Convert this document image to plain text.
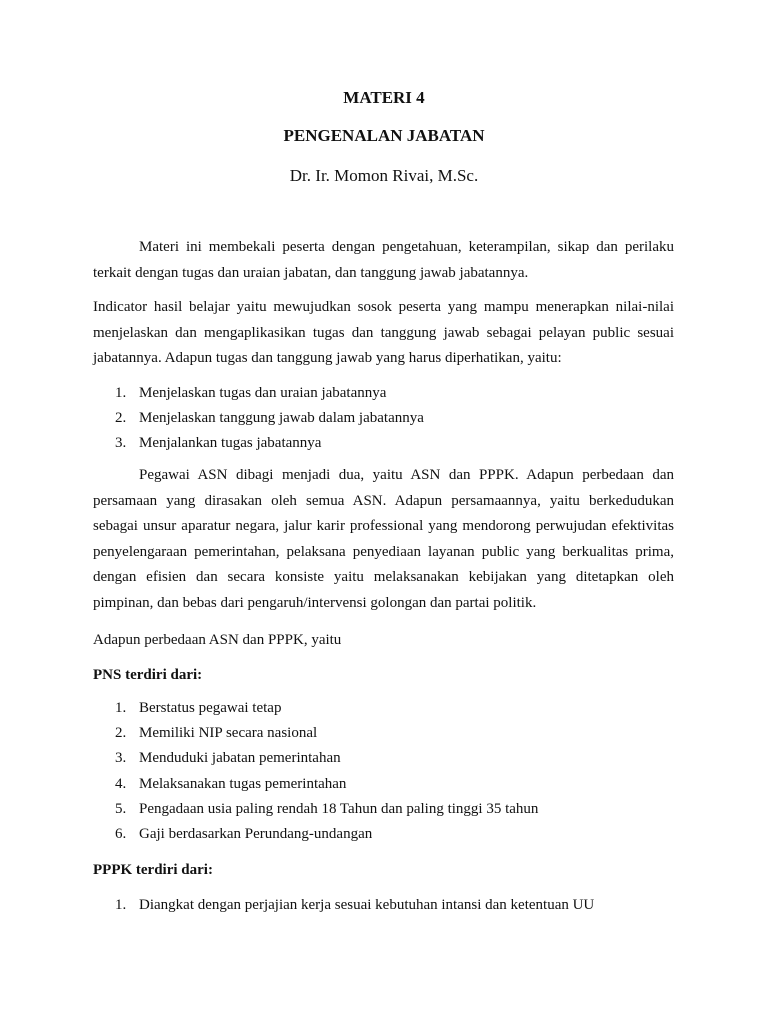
MATERI 4
PENGENALAN JABATAN
Dr. Ir. Momon Rivai, M.Sc.
Materi ini membekali peserta dengan pengetahuan, keterampilan, sikap dan perilaku terkait dengan tugas dan uraian jabatan, dan tanggung jawab jabatannya.
Indicator hasil belajar yaitu mewujudkan sosok peserta yang mampu menerapkan nilai-nilai menjelaskan dan mengaplikasikan tugas dan tanggung jawab sebagai pelayan public sesuai jabatannya. Adapun tugas dan tanggung jawab yang harus diperhatikan, yaitu:
1. Menjelaskan tugas dan uraian jabatannya
2. Menjelaskan tanggung jawab dalam jabatannya
3. Menjalankan tugas jabatannya
Pegawai ASN dibagi menjadi dua, yaitu ASN dan PPPK. Adapun perbedaan dan persamaan yang dirasakan oleh semua ASN. Adapun persamaannya, yaitu berkedudukan sebagai unsur aparatur negara, jalur karir professional yang mendorong perwujudan efektivitas penyelengaraan pemerintahan, pelaksana penyediaan layanan public yang berkualitas prima, dengan efisien dan secara konsiste yaitu melaksanakan kebijakan yang ditetapkan oleh pimpinan, dan bebas dari pengaruh/intervensi golongan dan partai politik.
Adapun perbedaan ASN dan PPPK, yaitu
PNS terdiri dari:
1. Berstatus pegawai tetap
2. Memiliki NIP secara nasional
3. Menduduki jabatan pemerintahan
4. Melaksanakan tugas pemerintahan
5. Pengadaan usia paling rendah 18 Tahun dan paling tinggi 35 tahun
6. Gaji berdasarkan Perundang-undangan
PPPK terdiri dari:
1. Diangkat dengan perjajian kerja sesuai kebutuhan intansi dan ketentuan UU
